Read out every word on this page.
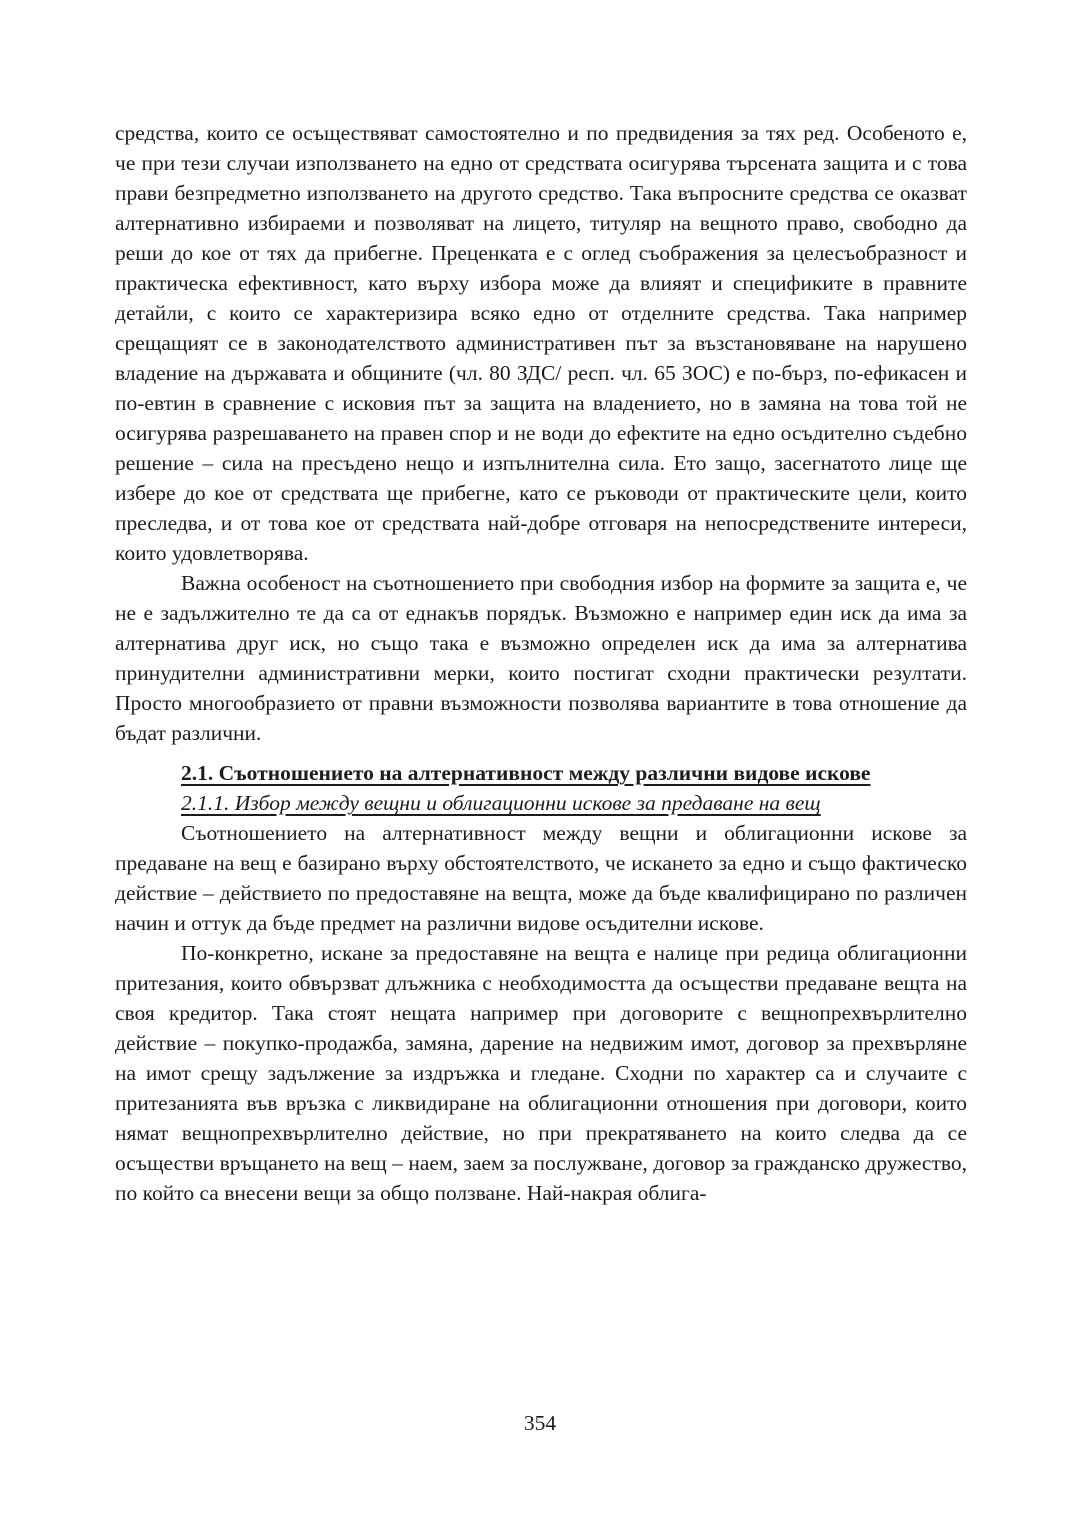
средства, които се осъществяват самостоятелно и по предвидения за тях ред. Особеното е, че при тези случаи използването на едно от средствата осигурява търсената защита и с това прави безпредметно използването на другото средство. Така въпросните средства се оказват алтернативно избираеми и позволяват на лицето, титуляр на вещното право, свободно да реши до кое от тях да прибегне. Преценката е с оглед съображения за целесъобразност и практическа ефективност, като върху избора може да влияят и спецификите в правните детайли, с които се характеризира всяко едно от отделните средства. Така например срещащият се в законодателството административен път за възстановяване на нарушено владение на държавата и общините (чл. 80 ЗДС/ респ. чл. 65 ЗОС) е по-бърз, по-ефикасен и по-евтин в сравнение с исковия път за защита на владението, но в замяна на това той не осигурява разрешаването на правен спор и не води до ефектите на едно осъдително съдебно решение – сила на пресъдено нещо и изпълнителна сила. Ето защо, засегнатото лице ще избере до кое от средствата ще прибегне, като се ръководи от практическите цели, които преследва, и от това кое от средствата най-добре отговаря на непосредствените интереси, които удовлетворява.

Важна особеност на съотношението при свободния избор на формите за защита е, че не е задължително те да са от еднакъв порядък. Възможно е например един иск да има за алтернатива друг иск, но също така е възможно определен иск да има за алтернатива принудителни административни мерки, които постигат сходни практически резултати. Просто многообразието от правни възможности позволява вариантите в това отношение да бъдат различни.

2.1. Съотношението на алтернативност между различни видове искове

2.1.1. Избор между вещни и облигационни искове за предаване на вещ

Съотношението на алтернативност между вещни и облигационни искове за предаване на вещ е базирано върху обстоятелството, че искането за едно и също фактическо действие – действието по предоставяне на вещта, може да бъде квалифицирано по различен начин и оттук да бъде предмет на различни видове осъдителни искове.

По-конкретно, искане за предоставяне на вещта е налице при редица облигационни притезания, които обвързват длъжника с необходимостта да осъществи предаване вещта на своя кредитор. Така стоят нещата например при договорите с вещнопрехвърлително действие – покупко-продажба, замяна, дарение на недвижим имот, договор за прехвърляне на имот срещу задължение за издръжка и гледане. Сходни по характер са и случаите с притезанията във връзка с ликвидиране на облигационни отношения при договори, които нямат вещнопрехвърлително действие, но при прекратяването на които следва да се осъществи връщането на вещ – наем, заем за послужване, договор за гражданско дружество, по който са внесени вещи за общо ползване. Най-накрая облига-

354
